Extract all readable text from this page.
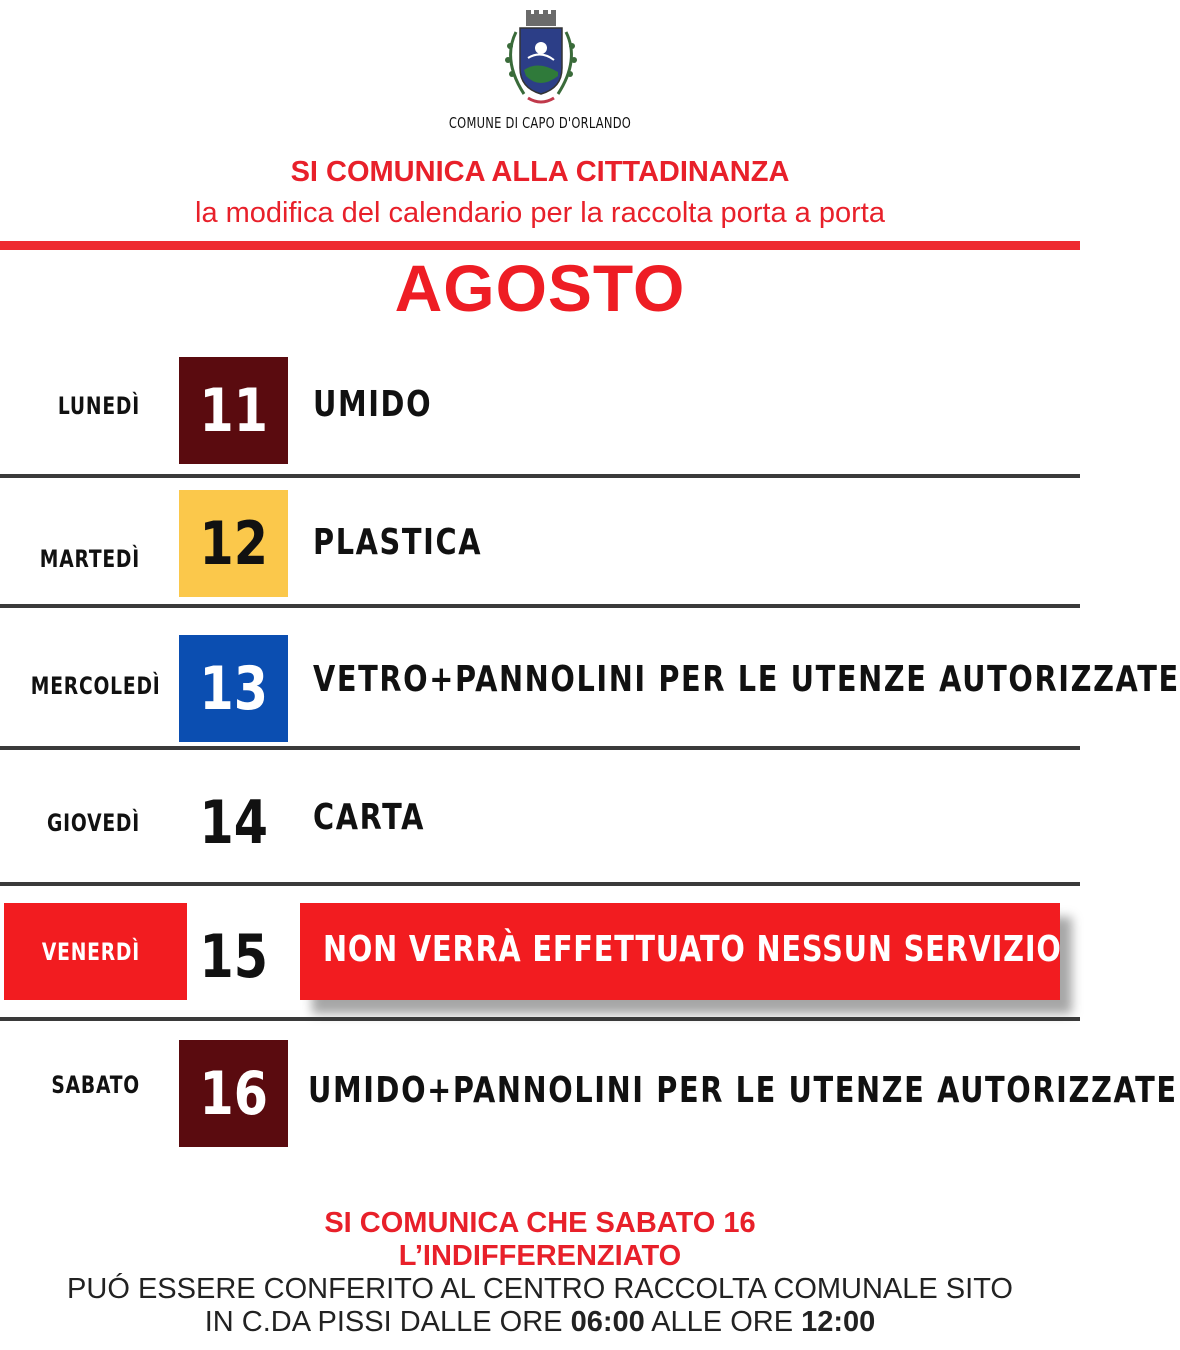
COMUNE DI CAPO D'ORLANDO
SI COMUNICA ALLA CITTADINANZA
la modifica del calendario per la raccolta porta a porta
AGOSTO
LUNEDÌ 11 UMIDO
MARTEDÌ 12 PLASTICA
MERCOLEDÌ 13 VETRO+PANNOLINI PER LE UTENZE AUTORIZZATE
GIOVEDÌ 14 CARTA
VENERDÌ 15 NON VERRÀ EFFETTUATO NESSUN SERVIZIO
SABATO 16 UMIDO+PANNOLINI PER LE UTENZE AUTORIZZATE
SI COMUNICA CHE SABATO 16
L’INDIFFERENZIATO
PUÓ ESSERE CONFERITO AL CENTRO RACCOLTA COMUNALE SITO
IN C.DA PISSI DALLE ORE 06:00 ALLE ORE 12:00
